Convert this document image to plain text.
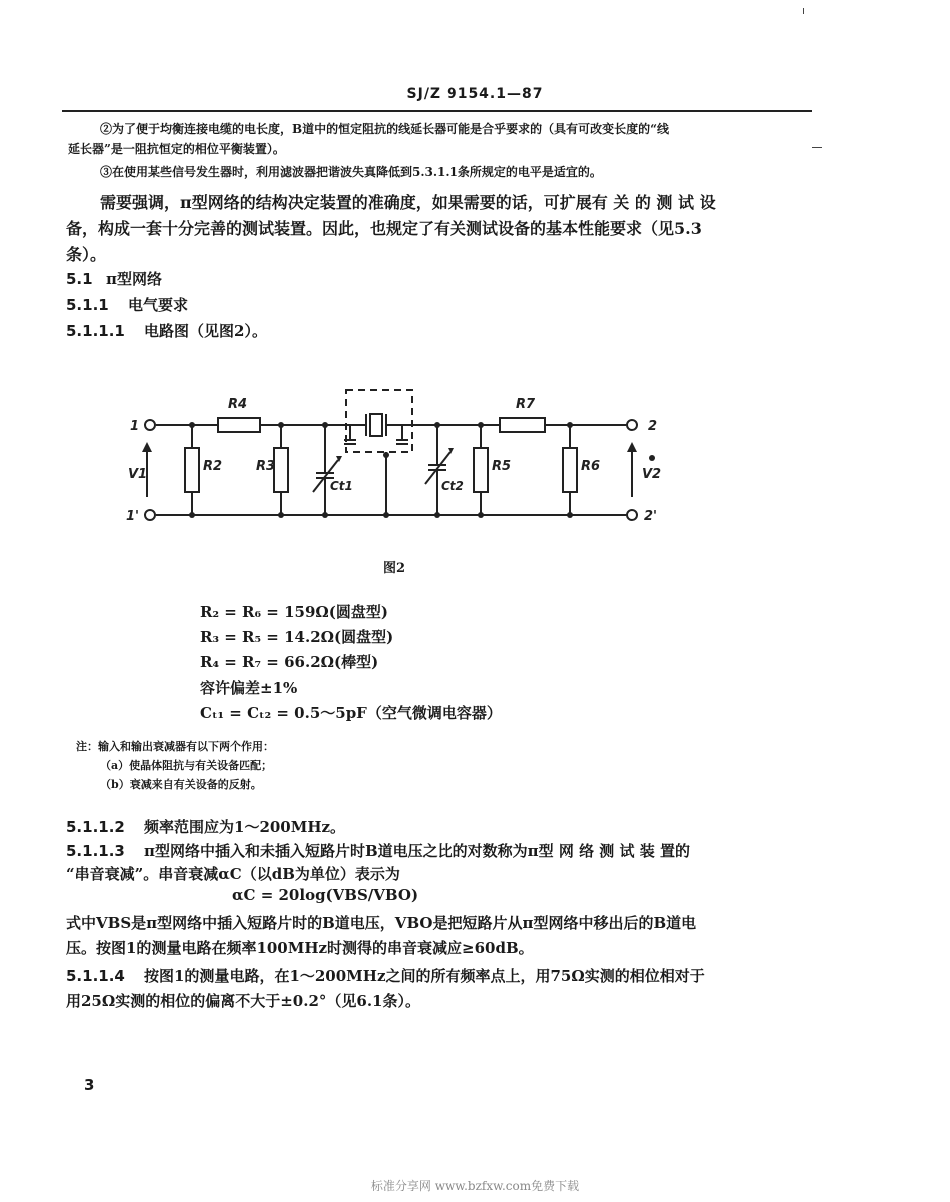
SJ/Z 9154.1—87
②为了便于均衡连接电缆的电长度，B道中的恒定阻抗的线延长器可能是合乎要求的（具有可改变长度的“线
延长器”是一阻抗恒定的相位平衡装置）。
③在使用某些信号发生器时，利用滤波器把谐波失真降低到5.3.1.1条所规定的电平是适宜的。
需要强调，π型网络的结构决定装置的准确度，如果需要的话，可扩展有 关 的 测 试 设
备，构成一套十分完善的测试装置。因此，也规定了有关测试设备的基本性能要求（见5.3
条）。
5.1 π型网络
5.1.1 电气要求
5.1.1.1 电路图（见图2）。
1
1'
2
2'
V1	V2
R2	R3
R4
R5	R6
R7
Ct1	Ct2
图2
R₂ = R₆ = 159Ω(圆盘型)
R₃ = R₅ = 14.2Ω(圆盘型)
R₄ = R₇ = 66.2Ω(棒型)
容许偏差±1%
Cₜ₁ = Cₜ₂ = 0.5～5pF（空气微调电容器）
注：输入和输出衰减器有以下两个作用：
（a）使晶体阻抗与有关设备匹配；
（b）衰减来自有关设备的反射。
5.1.1.2 频率范围应为1～200MHz。
5.1.1.3 π型网络中插入和未插入短路片时B道电压之比的对数称为π型 网 络 测 试 装 置的
“串音衰减”。串音衰减αC（以dB为单位）表示为
αC = 20log(VBS/VBO)
式中VBS是π型网络中插入短路片时的B道电压，VBO是把短路片从π型网络中移出后的B道电
压。按图1的测量电路在频率100MHz时测得的串音衰减应≥60dB。
5.1.1.4 按图1的测量电路，在1～200MHz之间的所有频率点上，用75Ω实测的相位相对于
用25Ω实测的相位的偏离不大于±0.2°（见6.1条）。
3
标准分享网 www.bzfxw.com免费下载
